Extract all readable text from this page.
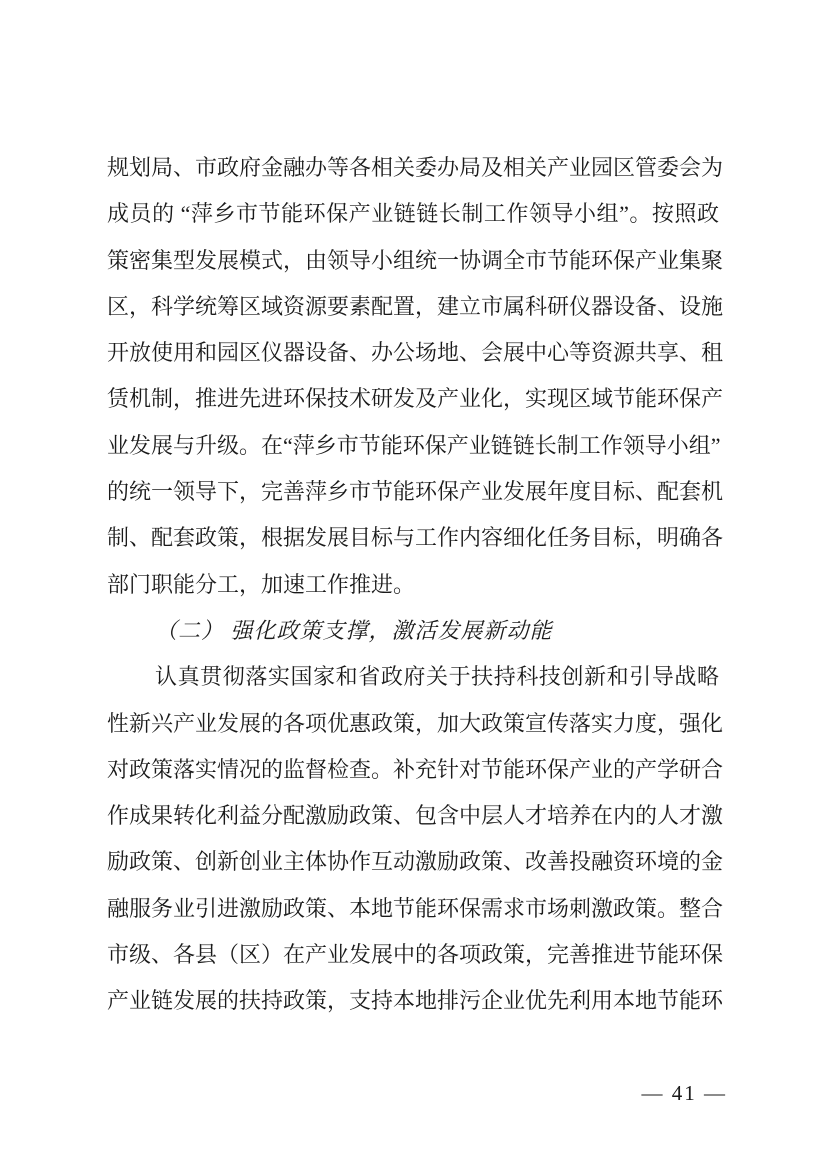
规划局、市政府金融办等各相关委办局及相关产业园区管委会为

成员的 “萍乡市节能环保产业链链长制工作领导小组”。按照政

策密集型发展模式，由领导小组统一协调全市节能环保产业集聚

区，科学统筹区域资源要素配置，建立市属科研仪器设备、设施

开放使用和园区仪器设备、办公场地、会展中心等资源共享、租

赁机制，推进先进环保技术研发及产业化，实现区域节能环保产

业发展与升级。在“萍乡市节能环保产业链链长制工作领导小组”

的统一领导下，完善萍乡市节能环保产业发展年度目标、配套机

制、配套政策，根据发展目标与工作内容细化任务目标，明确各

部门职能分工，加速工作推进。

（二） 强化政策支撑，激活发展新动能

认真贯彻落实国家和省政府关于扶持科技创新和引导战略

性新兴产业发展的各项优惠政策，加大政策宣传落实力度，强化

对政策落实情况的监督检查。补充针对节能环保产业的产学研合

作成果转化利益分配激励政策、包含中层人才培养在内的人才激

励政策、创新创业主体协作互动激励政策、改善投融资环境的金

融服务业引进激励政策、本地节能环保需求市场刺激政策。整合

市级、各县（区）在产业发展中的各项政策，完善推进节能环保

产业链发展的扶持政策，支持本地排污企业优先利用本地节能环

— 41 —
